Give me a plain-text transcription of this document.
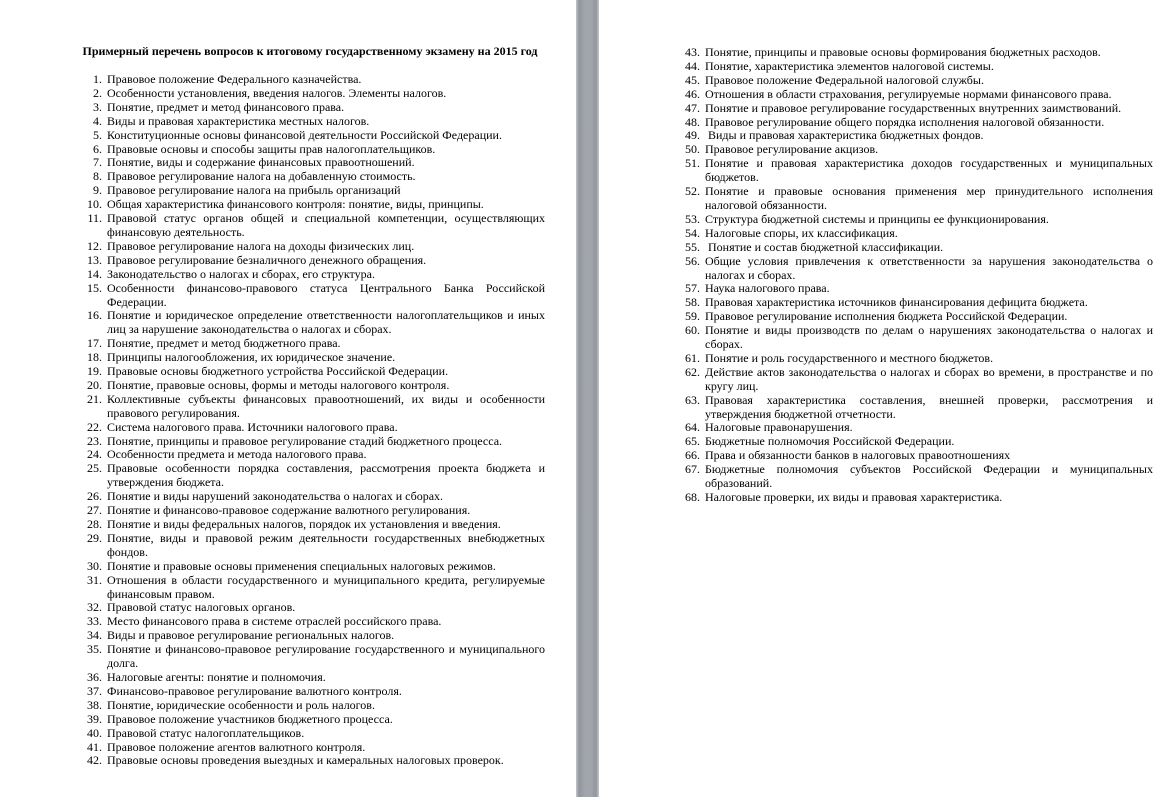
Примерный перечень вопросов к итоговому государственному экзамену на 2015 год
1. Правовое положение Федерального казначейства.
2. Особенности установления, введения налогов. Элементы налогов.
3. Понятие, предмет и метод финансового права.
4. Виды и правовая характеристика местных налогов.
5. Конституционные основы финансовой деятельности Российской Федерации.
6. Правовые основы и способы защиты прав налогоплательщиков.
7. Понятие, виды и содержание финансовых правоотношений.
8. Правовое регулирование налога на добавленную стоимость.
9. Правовое регулирование налога на прибыль организаций
10. Общая характеристика финансового контроля: понятие, виды, принципы.
11. Правовой статус органов общей и специальной компетенции, осуществляющих финансовую деятельность.
12. Правовое регулирование налога на доходы физических лиц.
13. Правовое регулирование безналичного денежного обращения.
14. Законодательство о налогах и сборах, его структура.
15. Особенности финансово-правового статуса Центрального Банка Российской Федерации.
16. Понятие и юридическое определение ответственности налогоплательщиков и иных лиц за нарушение законодательства о налогах и сборах.
17. Понятие, предмет и метод бюджетного права.
18. Принципы налогообложения, их юридическое значение.
19. Правовые основы бюджетного устройства Российской Федерации.
20. Понятие, правовые основы, формы и методы налогового контроля.
21. Коллективные субъекты финансовых правоотношений, их виды и особенности правового регулирования.
22. Система налогового права. Источники налогового права.
23. Понятие, принципы и правовое регулирование стадий бюджетного процесса.
24. Особенности предмета и метода налогового права.
25. Правовые особенности порядка составления, рассмотрения проекта бюджета и утверждения бюджета.
26. Понятие и виды нарушений законодательства о налогах и сборах.
27. Понятие и финансово-правовое содержание валютного регулирования.
28. Понятие и виды федеральных налогов, порядок их установления и введения.
29. Понятие, виды и правовой режим деятельности государственных внебюджетных фондов.
30. Понятие и правовые основы применения специальных налоговых режимов.
31. Отношения в области государственного и муниципального кредита, регулируемые финансовым правом.
32. Правовой статус налоговых органов.
33. Место финансового права в системе отраслей российского права.
34. Виды и правовое регулирование региональных налогов.
35. Понятие и финансово-правовое регулирование государственного и муниципального долга.
36. Налоговые агенты: понятие и полномочия.
37. Финансово-правовое регулирование валютного контроля.
38. Понятие, юридические особенности и роль налогов.
39. Правовое положение участников бюджетного процесса.
40. Правовой статус налогоплательщиков.
41. Правовое положение агентов валютного контроля.
42. Правовые основы проведения выездных и камеральных налоговых проверок.
43. Понятие, принципы и правовые основы формирования бюджетных расходов.
44. Понятие, характеристика элементов налоговой системы.
45. Правовое положение Федеральной налоговой службы.
46. Отношения в области страхования, регулируемые нормами финансового права.
47. Понятие и правовое регулирование государственных внутренних заимствований.
48. Правовое регулирование общего порядка исполнения налоговой обязанности.
49.  Виды и правовая характеристика бюджетных фондов.
50. Правовое регулирование акцизов.
51. Понятие и правовая характеристика доходов государственных и муниципальных бюджетов.
52. Понятие и правовые основания применения мер принудительного исполнения налоговой обязанности.
53. Структура бюджетной системы и принципы ее функционирования.
54. Налоговые споры, их классификация.
55.  Понятие и состав бюджетной классификации.
56. Общие условия привлечения к ответственности за нарушения законодательства о налогах и сборах.
57. Наука налогового права.
58. Правовая характеристика источников финансирования дефицита бюджета.
59. Правовое регулирование исполнения бюджета Российской Федерации.
60. Понятие и виды производств по делам о нарушениях законодательства о налогах и сборах.
61. Понятие и роль государственного и местного бюджетов.
62. Действие актов законодательства о налогах и сборах во времени, в пространстве и по кругу лиц.
63. Правовая характеристика составления, внешней проверки, рассмотрения и утверждения бюджетной отчетности.
64. Налоговые правонарушения.
65. Бюджетные полномочия Российской Федерации.
66. Права и обязанности банков в налоговых правоотношениях
67. Бюджетные полномочия субъектов Российской Федерации и муниципальных образований.
68. Налоговые проверки, их виды и правовая характеристика.
